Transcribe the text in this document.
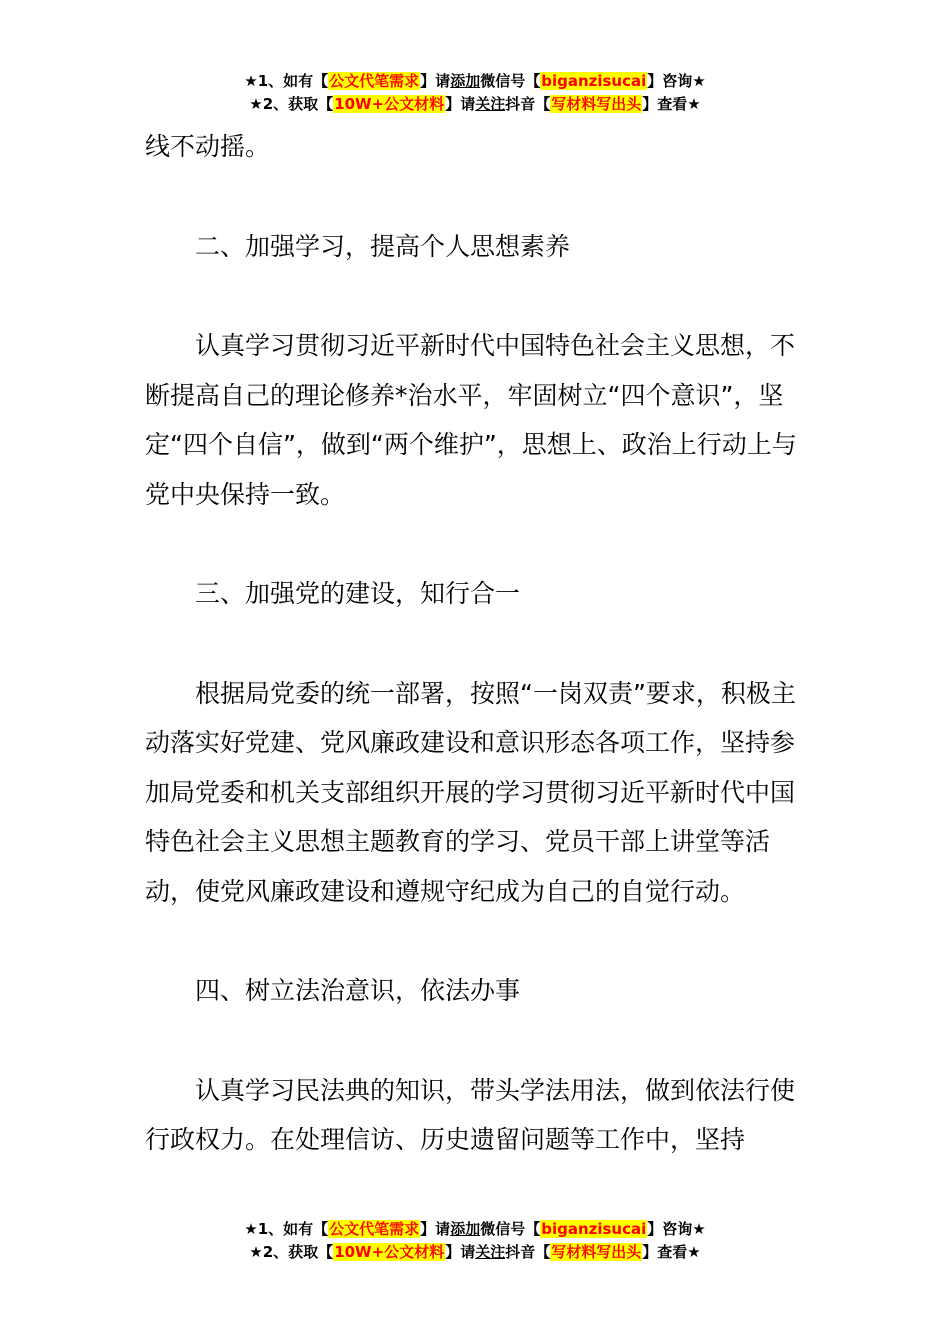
★1、如有【公文代笔需求】请添加微信号【biganzisucai】咨询★
★2、获取【10W+公文材料】请关注抖音【写材料写出头】查看★

线不动摇。

二、加强学习，提高个人思想素养

认真学习贯彻习近平新时代中国特色社会主义思想，不断提高自己的理论修养*治水平，牢固树立“四个意识”，坚定“四个自信”，做到“两个维护”，思想上、政治上行动上与党中央保持一致。

三、加强党的建设，知行合一

根据局党委的统一部署，按照“一岗双责”要求，积极主动落实好党建、党风廉政建设和意识形态各项工作，坚持参加局党委和机关支部组织开展的学习贯彻习近平新时代中国特色社会主义思想主题教育的学习、党员干部上讲堂等活动，使党风廉政建设和遵规守纪成为自己的自觉行动。

四、树立法治意识，依法办事

认真学习民法典的知识，带头学法用法，做到依法行使行政权力。在处理信访、历史遗留问题等工作中，坚持

★1、如有【公文代笔需求】请添加微信号【biganzisucai】咨询★
★2、获取【10W+公文材料】请关注抖音【写材料写出头】查看★
